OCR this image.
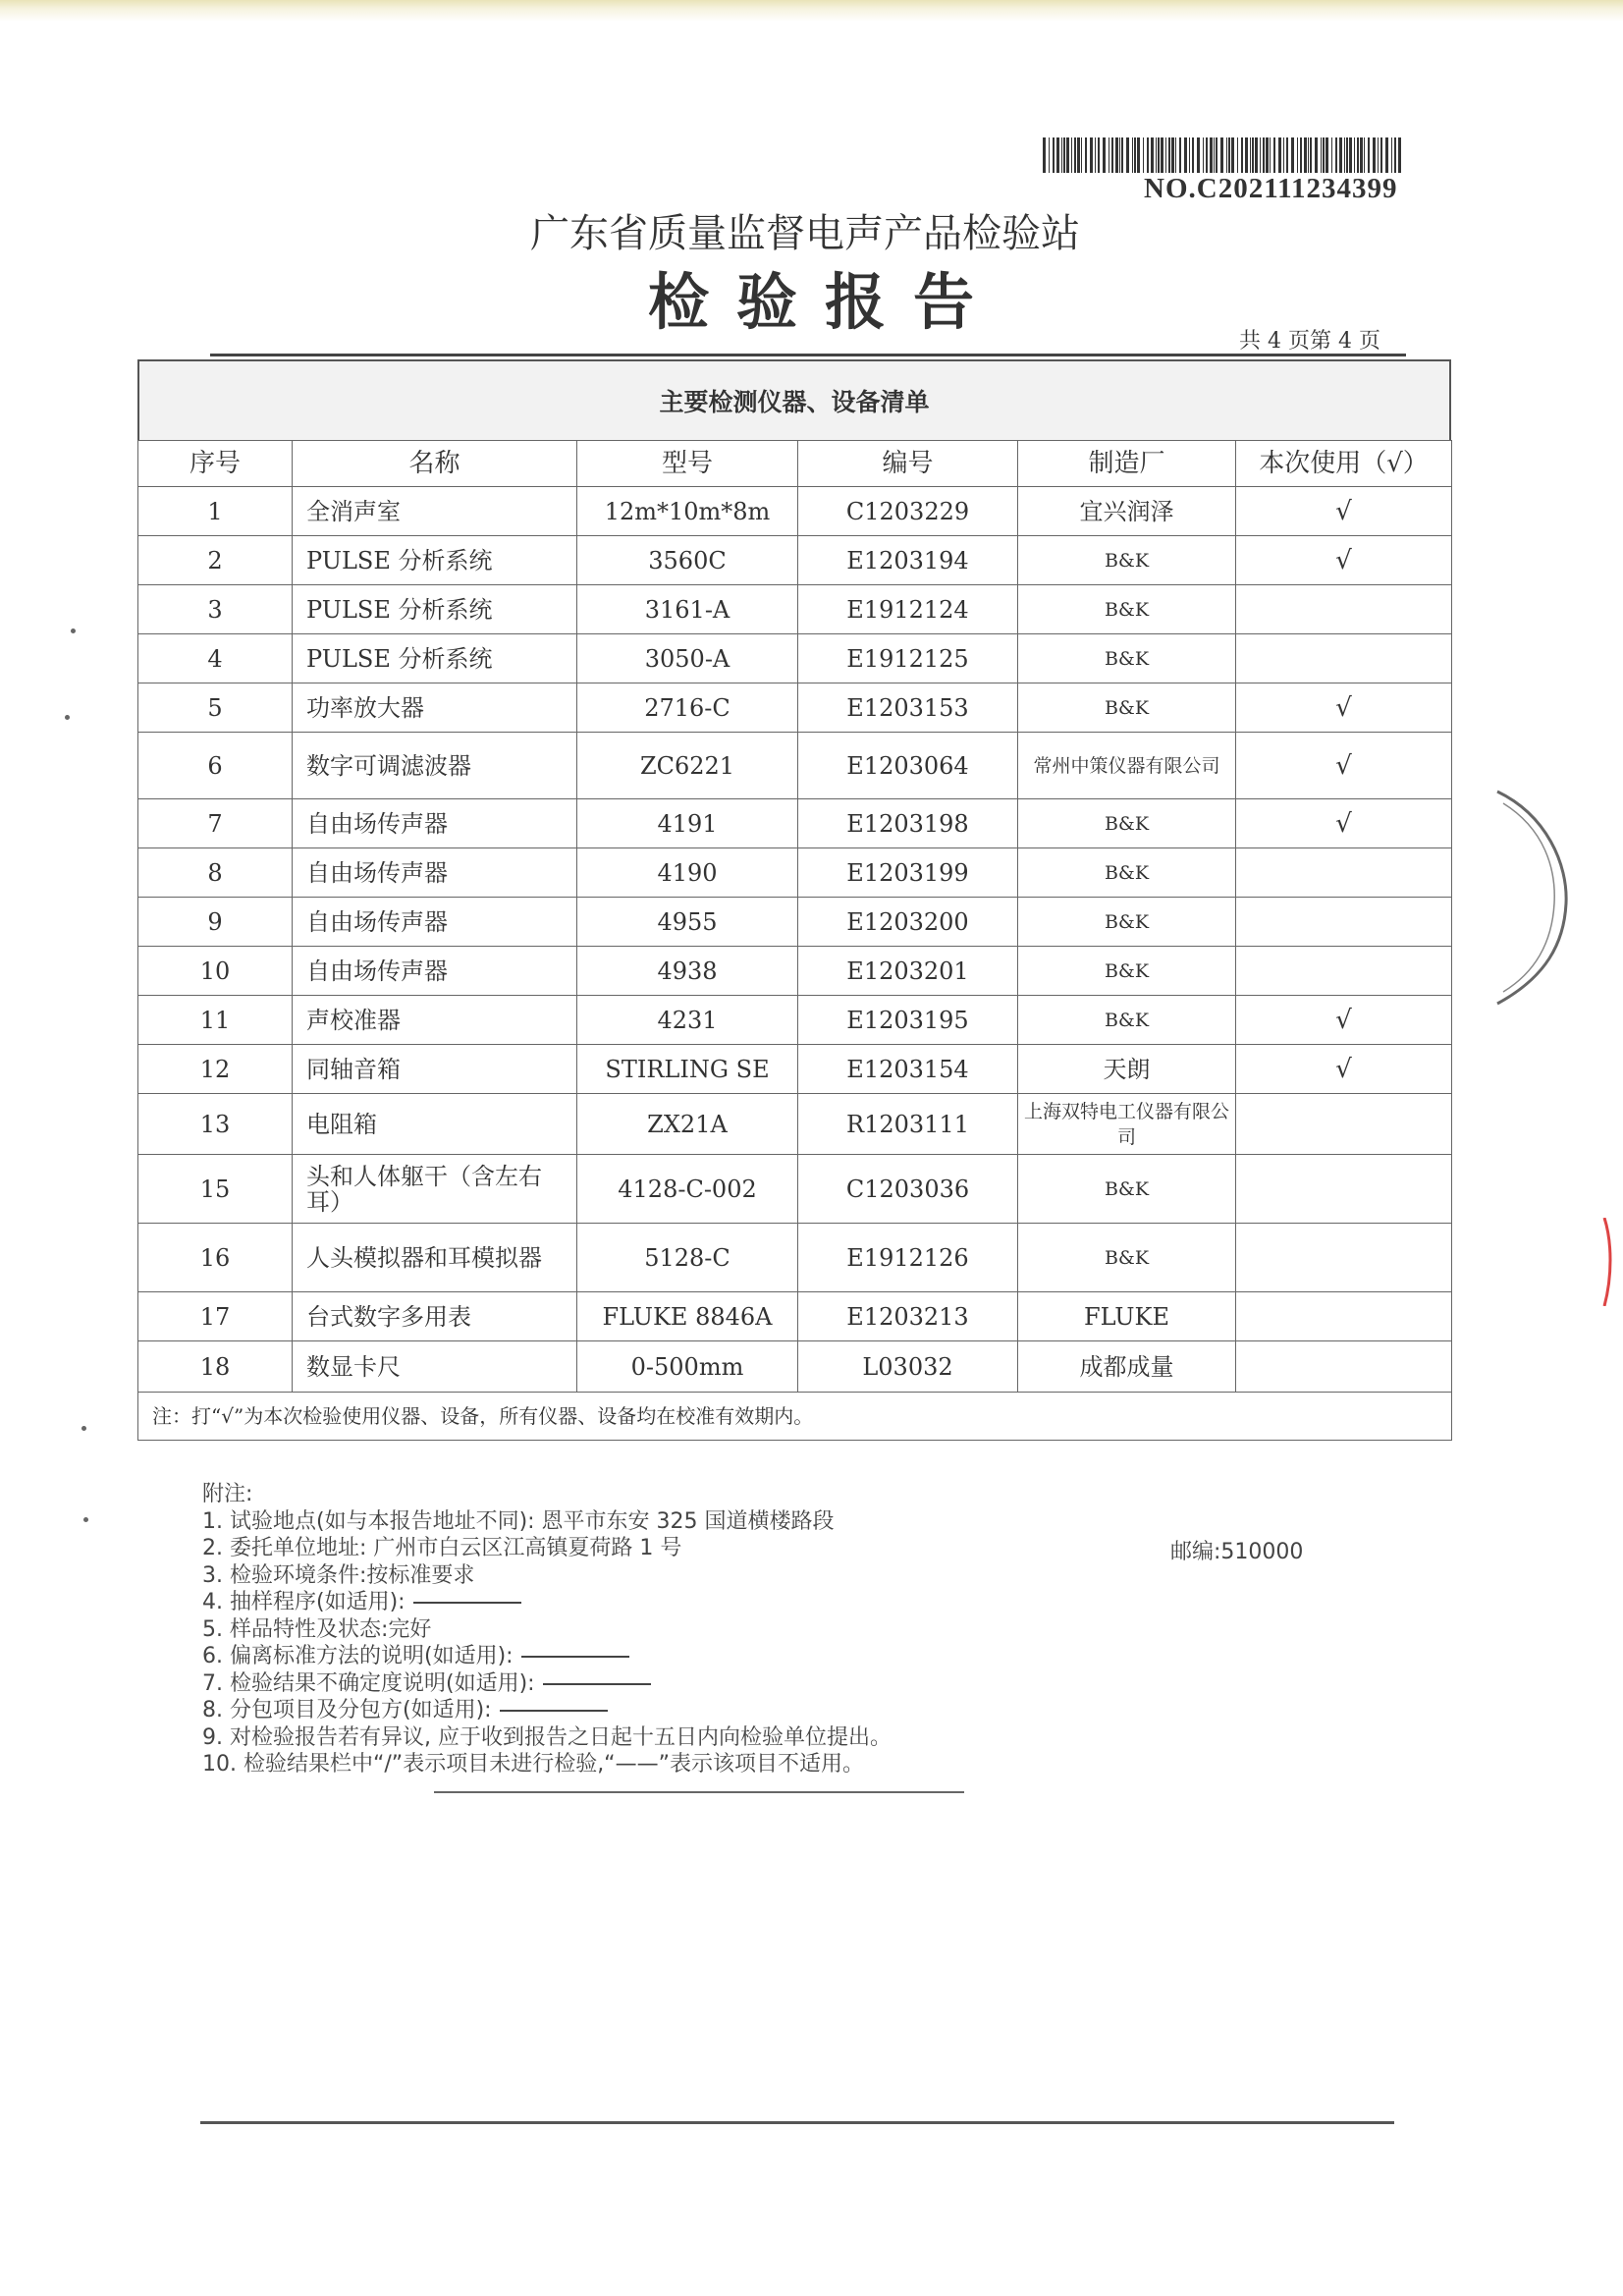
NO.C202111234399
广东省质量监督电声产品检验站
检验报告
共 4 页第 4 页
主要检测仪器、设备清单
序号	名称	型号	编号	制造厂	本次使用（√）
1	全消声室	12m*10m*8m	C1203229	宜兴润泽	√
2	PULSE 分析系统	3560C	E1203194	B&K	√
3	PULSE 分析系统	3161-A	E1912124	B&K	
4	PULSE 分析系统	3050-A	E1912125	B&K	
5	功率放大器	2716-C	E1203153	B&K	√
6	数字可调滤波器	ZC6221	E1203064	常州中策仪器有限公司	√
7	自由场传声器	4191	E1203198	B&K	√
8	自由场传声器	4190	E1203199	B&K	
9	自由场传声器	4955	E1203200	B&K	
10	自由场传声器	4938	E1203201	B&K	
11	声校准器	4231	E1203195	B&K	√
12	同轴音箱	STIRLING SE	E1203154	天朗	√
13	电阻箱	ZX21A	R1203111	上海双特电工仪器有限公司	
15	头和人体躯干（含左右耳）	4128-C-002	C1203036	B&K	
16	人头模拟器和耳模拟器	5128-C	E1912126	B&K	
17	台式数字多用表	FLUKE 8846A	E1203213	FLUKE	
18	数显卡尺	0-500mm	L03032	成都成量	
注：打“√”为本次检验使用仪器、设备，所有仪器、设备均在校准有效期内。					
附注:
1. 试验地点(如与本报告地址不同): 恩平市东安 325 国道横楼路段
2. 委托单位地址: 广州市白云区江高镇夏荷路 1 号
3. 检验环境条件:按标准要求
4. 抽样程序(如适用):
5. 样品特性及状态:完好
6. 偏离标准方法的说明(如适用):
7. 检验结果不确定度说明(如适用):
8. 分包项目及分包方(如适用):
9. 对检验报告若有异议, 应于收到报告之日起十五日内向检验单位提出。
10. 检验结果栏中“/”表示项目未进行检验,“——”表示该项目不适用。
邮编:510000
